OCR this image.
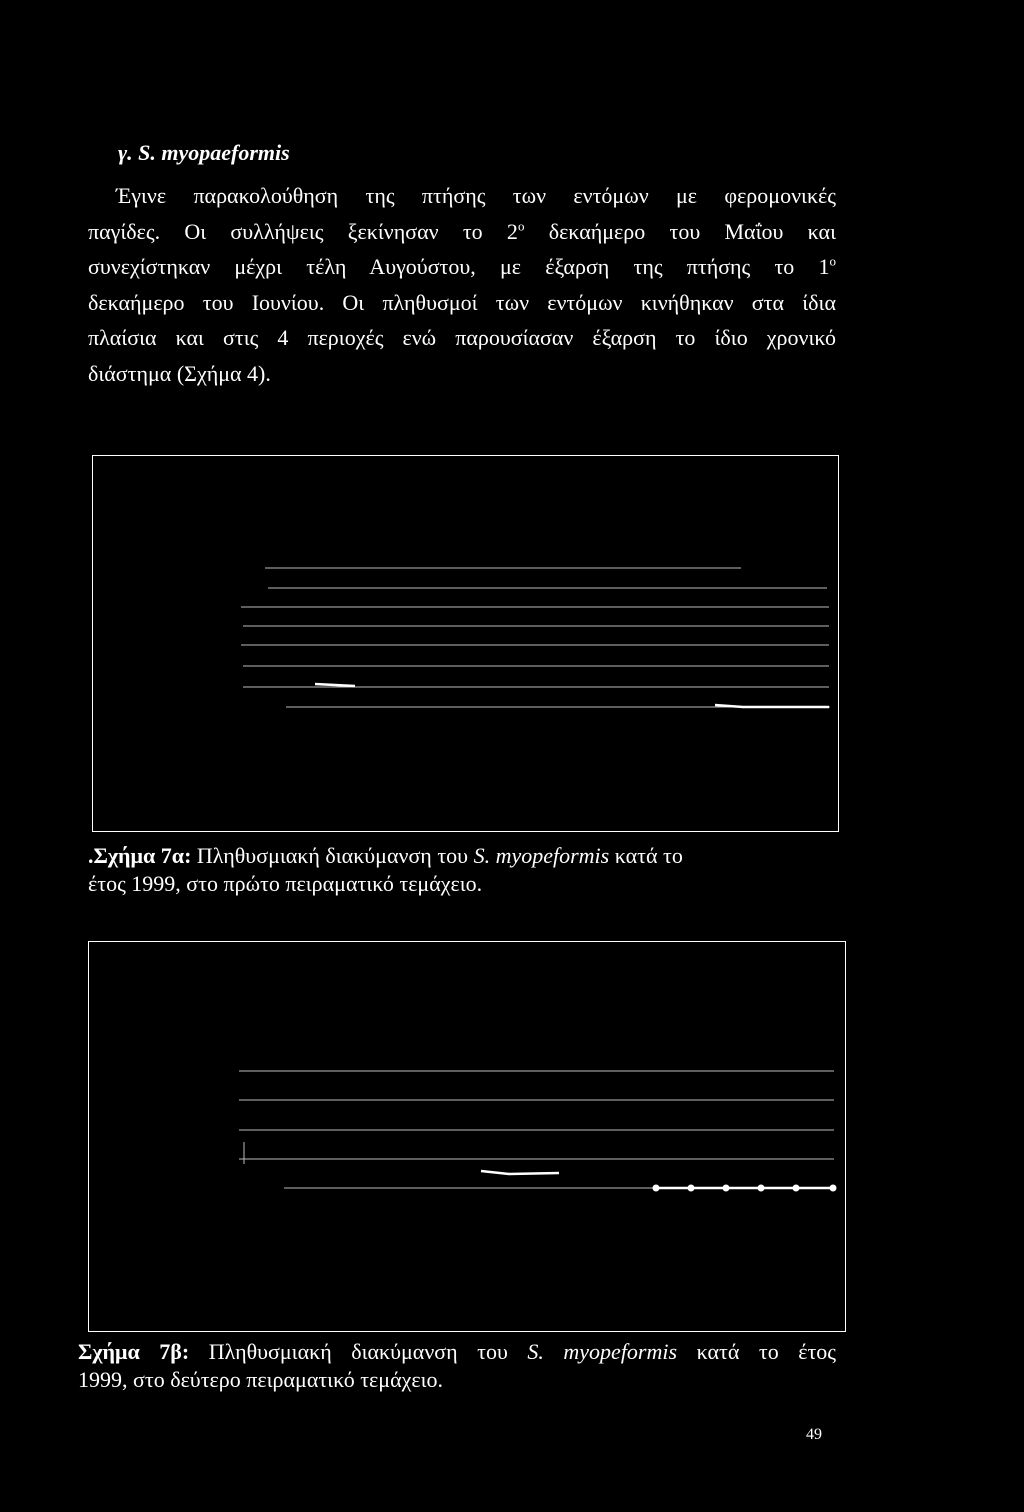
γ. S. myopaeformis
Έγινε παρακολούθηση της πτήσης των εντόμων με φερομονικές
παγίδες. Οι συλλήψεις ξεκίνησαν το $2^o$ δεκαήμερο του Μαΐου και
συνεχίστηκαν μέχρι τέλη Αυγούστου, με έξαρση της πτήσης το $1^o$
δεκαήμερο του Ιουνίου. Οι πληθυσμοί των εντόμων κινήθηκαν στα ίδια
πλαίσια και στις 4 περιοχές ενώ παρουσίασαν έξαρση το ίδιο χρονικό
διάστημα (Σχήμα 4).
.Σχήμα 7α: Πληθυσμιακή διακύμανση του S. myopeformis κατά το
έτος 1999, στο πρώτο πειραματικό τεμάχειο.
Σχήμα 7β: Πληθυσμιακή διακύμανση του S. myopeformis κατά το έτος
1999, στο δεύτερο πειραματικό τεμάχειο.
49
